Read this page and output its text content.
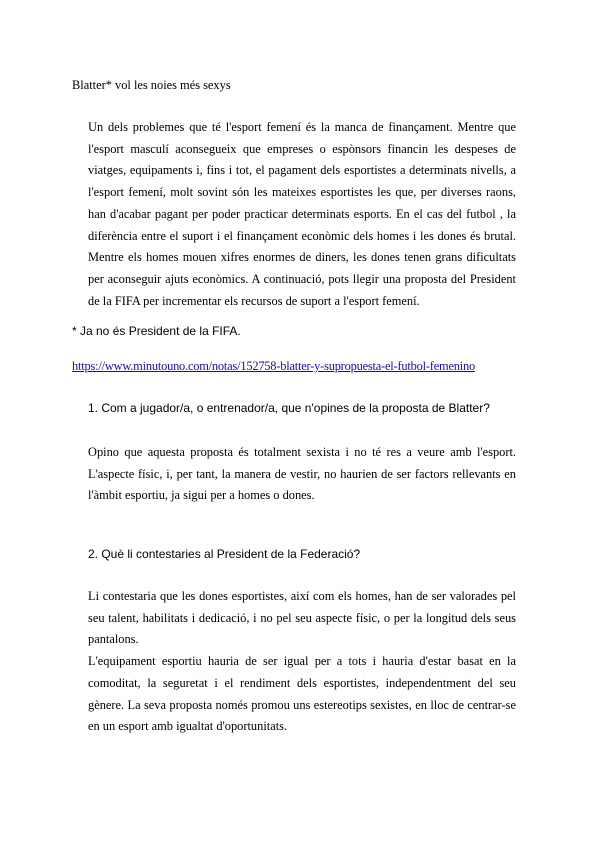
Blatter* vol les noies més sexys

Un dels problemes que té l'esport femení és la manca de finançament. Mentre que l'esport masculí aconsegueix que empreses o espònsors financin les despeses de viatges, equipaments i, fins i tot, el pagament dels esportistes a determinats nivells, a l'esport femení, molt sovint són les mateixes esportistes les que, per diverses raons, han d'acabar pagant per poder practicar determinats esports. En el cas del futbol , la diferència entre el suport i el finançament econòmic dels homes i les dones és brutal. Mentre els homes mouen xifres enormes de diners, les dones tenen grans dificultats per aconseguir ajuts econòmics. A continuació, pots llegir una proposta del President de la FIFA per incrementar els recursos de suport a l'esport femení.

* Ja no és President de la FIFA.
https://www.minutouno.com/notas/152758-blatter-y-supropuesta-el-futbol-femenino
1. Com a jugador/a, o entrenador/a, que n'opines de la proposta de Blatter?

Opino que aquesta proposta és totalment sexista i no té res a veure amb l'esport. L'aspecte físic, i, per tant, la manera de vestir, no haurien de ser factors rellevants en l'àmbit esportiu, ja sigui per a homes o dones.

2. Què li contestaries al President de la Federació?

Li contestaria que les dones esportistes, així com els homes, han de ser valorades pel seu talent, habilitats i dedicació, i no pel seu aspecte físic, o per la longitud dels seus pantalons.

L'equipament esportiu hauria de ser igual per a tots i hauria d'estar basat en la comoditat, la seguretat i el rendiment dels esportistes, independentment del seu gènere. La seva proposta només promou uns estereotips sexistes, en lloc de centrar-se en un esport amb igualtat d'oportunitats.
